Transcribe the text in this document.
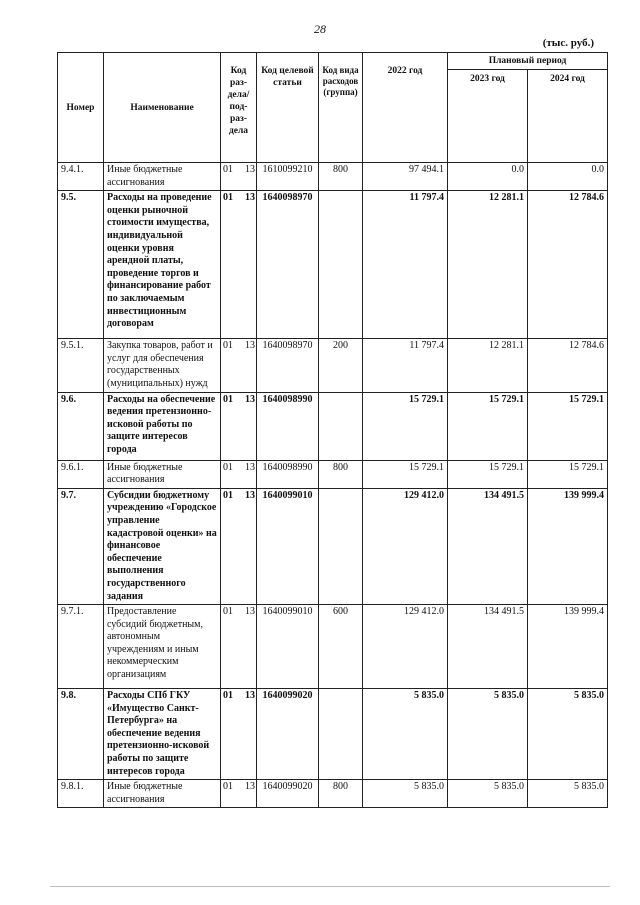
28
(тыс. руб.)
Номер	Наименование	Код раз-дела/ под-раз-дела	Код целевой статьи	Код вида расходов (группа)	2022 год	Плановый период	
						2023 год	2024 год
9.4.1.	Иные бюджетные ассигнования	01 13	1610099210	800	97 494.1	0.0	0.0
9.5.	Расходы на проведение оценки рыночной стоимости имущества, индивидуальной оценки уровня арендной платы, проведение торгов и финансирование работ по заключаемым инвестиционным договорам	01 13	1640098970		11 797.4	12 281.1	12 784.6
9.5.1.	Закупка товаров, работ и услуг для обеспечения государственных (муниципальных) нужд	01 13	1640098970	200	11 797.4	12 281.1	12 784.6
9.6.	Расходы на обеспечение ведения претензионно-исковой работы по защите интересов города	01 13	1640098990		15 729.1	15 729.1	15 729.1
9.6.1.	Иные бюджетные ассигнования	01 13	1640098990	800	15 729.1	15 729.1	15 729.1
9.7.	Субсидии бюджетному учреждению «Городское управление кадастровой оценки» на финансовое обеспечение выполнения государственного задания	01 13	1640099010		129 412.0	134 491.5	139 999.4
9.7.1.	Предоставление субсидий бюджетным, автономным учреждениям и иным некоммерческим организациям	01 13	1640099010	600	129 412.0	134 491.5	139 999.4
9.8.	Расходы СПб ГКУ «Имущество Санкт-Петербурга» на обеспечение ведения претензионно-исковой работы по защите интересов города	01 13	1640099020		5 835.0	5 835.0	5 835.0
9.8.1.	Иные бюджетные ассигнования	01 13	1640099020	800	5 835.0	5 835.0	5 835.0
